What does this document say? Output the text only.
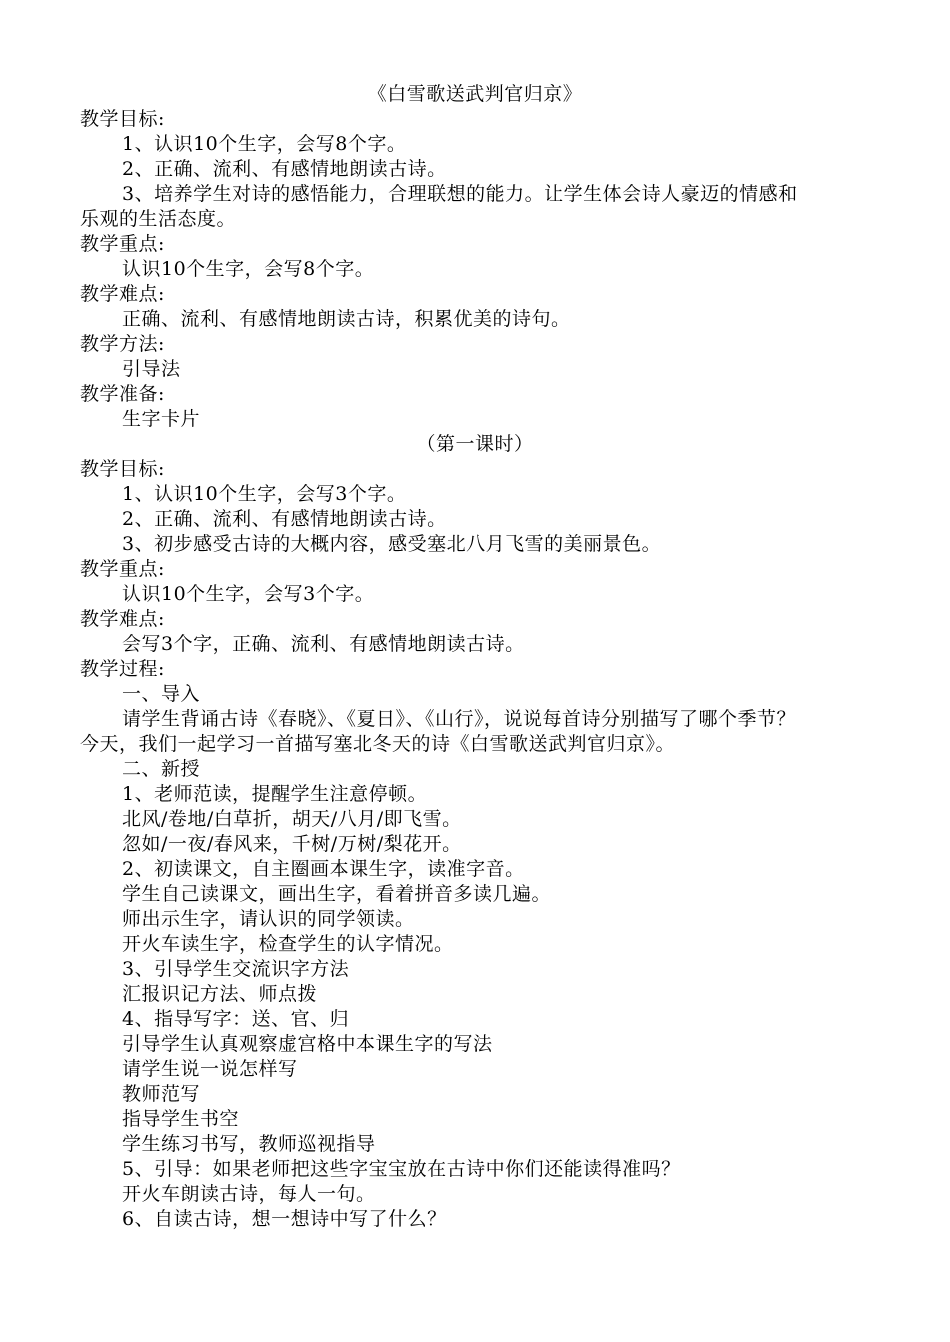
《白雪歌送武判官归京》
教学目标:
1、认识10个生字，会写8个字。
2、正确、流利、有感情地朗读古诗。
3、培养学生对诗的感悟能力，合理联想的能力。让学生体会诗人豪迈的情感和
乐观的生活态度。
教学重点:
认识10个生字，会写8个字。
教学难点:
正确、流利、有感情地朗读古诗，积累优美的诗句。
教学方法:
引导法
教学准备:
生字卡片
（第一课时）
教学目标:
1、认识10个生字，会写3个字。
2、正确、流利、有感情地朗读古诗。
3、初步感受古诗的大概内容，感受塞北八月飞雪的美丽景色。
教学重点:
认识10个生字，会写3个字。
教学难点:
会写3个字，正确、流利、有感情地朗读古诗。
教学过程:
一、导入
请学生背诵古诗《春晓》、《夏日》、《山行》，说说每首诗分别描写了哪个季节？
今天，我们一起学习一首描写塞北冬天的诗《白雪歌送武判官归京》。
二、新授
1、老师范读，提醒学生注意停顿。
北风/卷地/白草折，胡天/八月/即飞雪。
忽如/一夜/春风来，千树/万树/梨花开。
2、初读课文，自主圈画本课生字，读准字音。
学生自己读课文，画出生字，看着拼音多读几遍。
师出示生字，请认识的同学领读。
开火车读生字，检查学生的认字情况。
3、引导学生交流识字方法
汇报识记方法、师点拨
4、指导写字：送、官、归
引导学生认真观察虚宫格中本课生字的写法
请学生说一说怎样写
教师范写
指导学生书空
学生练习书写，教师巡视指导
5、引导：如果老师把这些字宝宝放在古诗中你们还能读得准吗？
开火车朗读古诗，每人一句。
6、自读古诗，想一想诗中写了什么？
